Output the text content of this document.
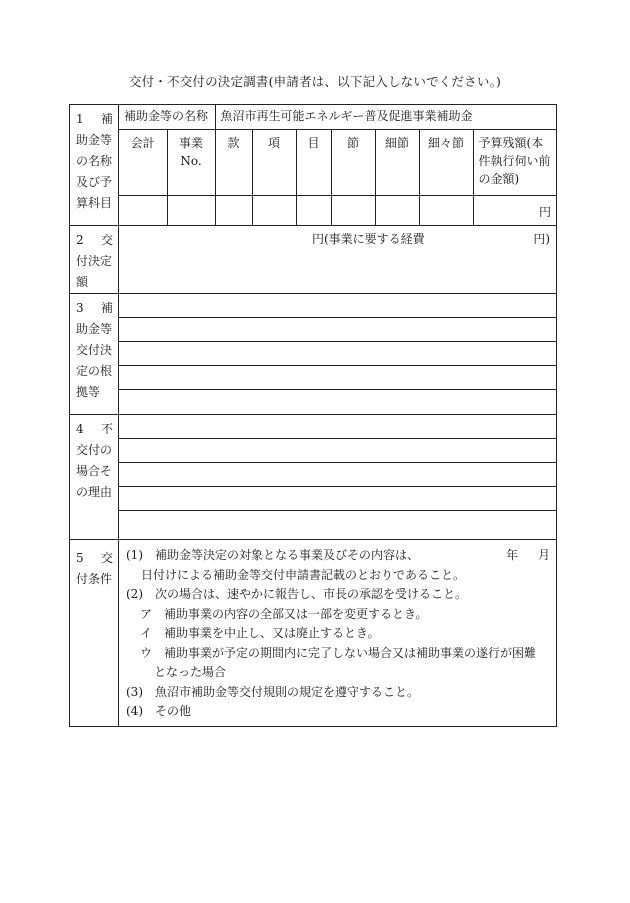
交付・不交付の決定調書(申請者は、以下記入しないでください。)
1 補
助金等
の名称
及び予
算科目

補助金等の名称	魚沼市再生可能エネルギー普及促進事業補助金
会計	事業No.	款	項	目	節	細節	細々節	予算残額(本件執行伺い前の金額)
								円

2 交
付決定
額

円(事業に要する経費	円)

3 補
助金等
交付決
定の根
拠等

4 不
交付の
場合そ
の理由

5 交
付条件

(1)　補助金等決定の対象となる事業及びその内容は、	年 月
日付けによる補助金等交付申請書記載のとおりであること。
(2)　次の場合は、速やかに報告し、市長の承認を受けること。
ア　補助事業の内容の全部又は一部を変更するとき。
イ　補助事業を中止し、又は廃止するとき。
ウ　補助事業が予定の期間内に完了しない場合又は補助事業の遂行が困難
となった場合
(3)　魚沼市補助金等交付規則の規定を遵守すること。
(4)　その他
